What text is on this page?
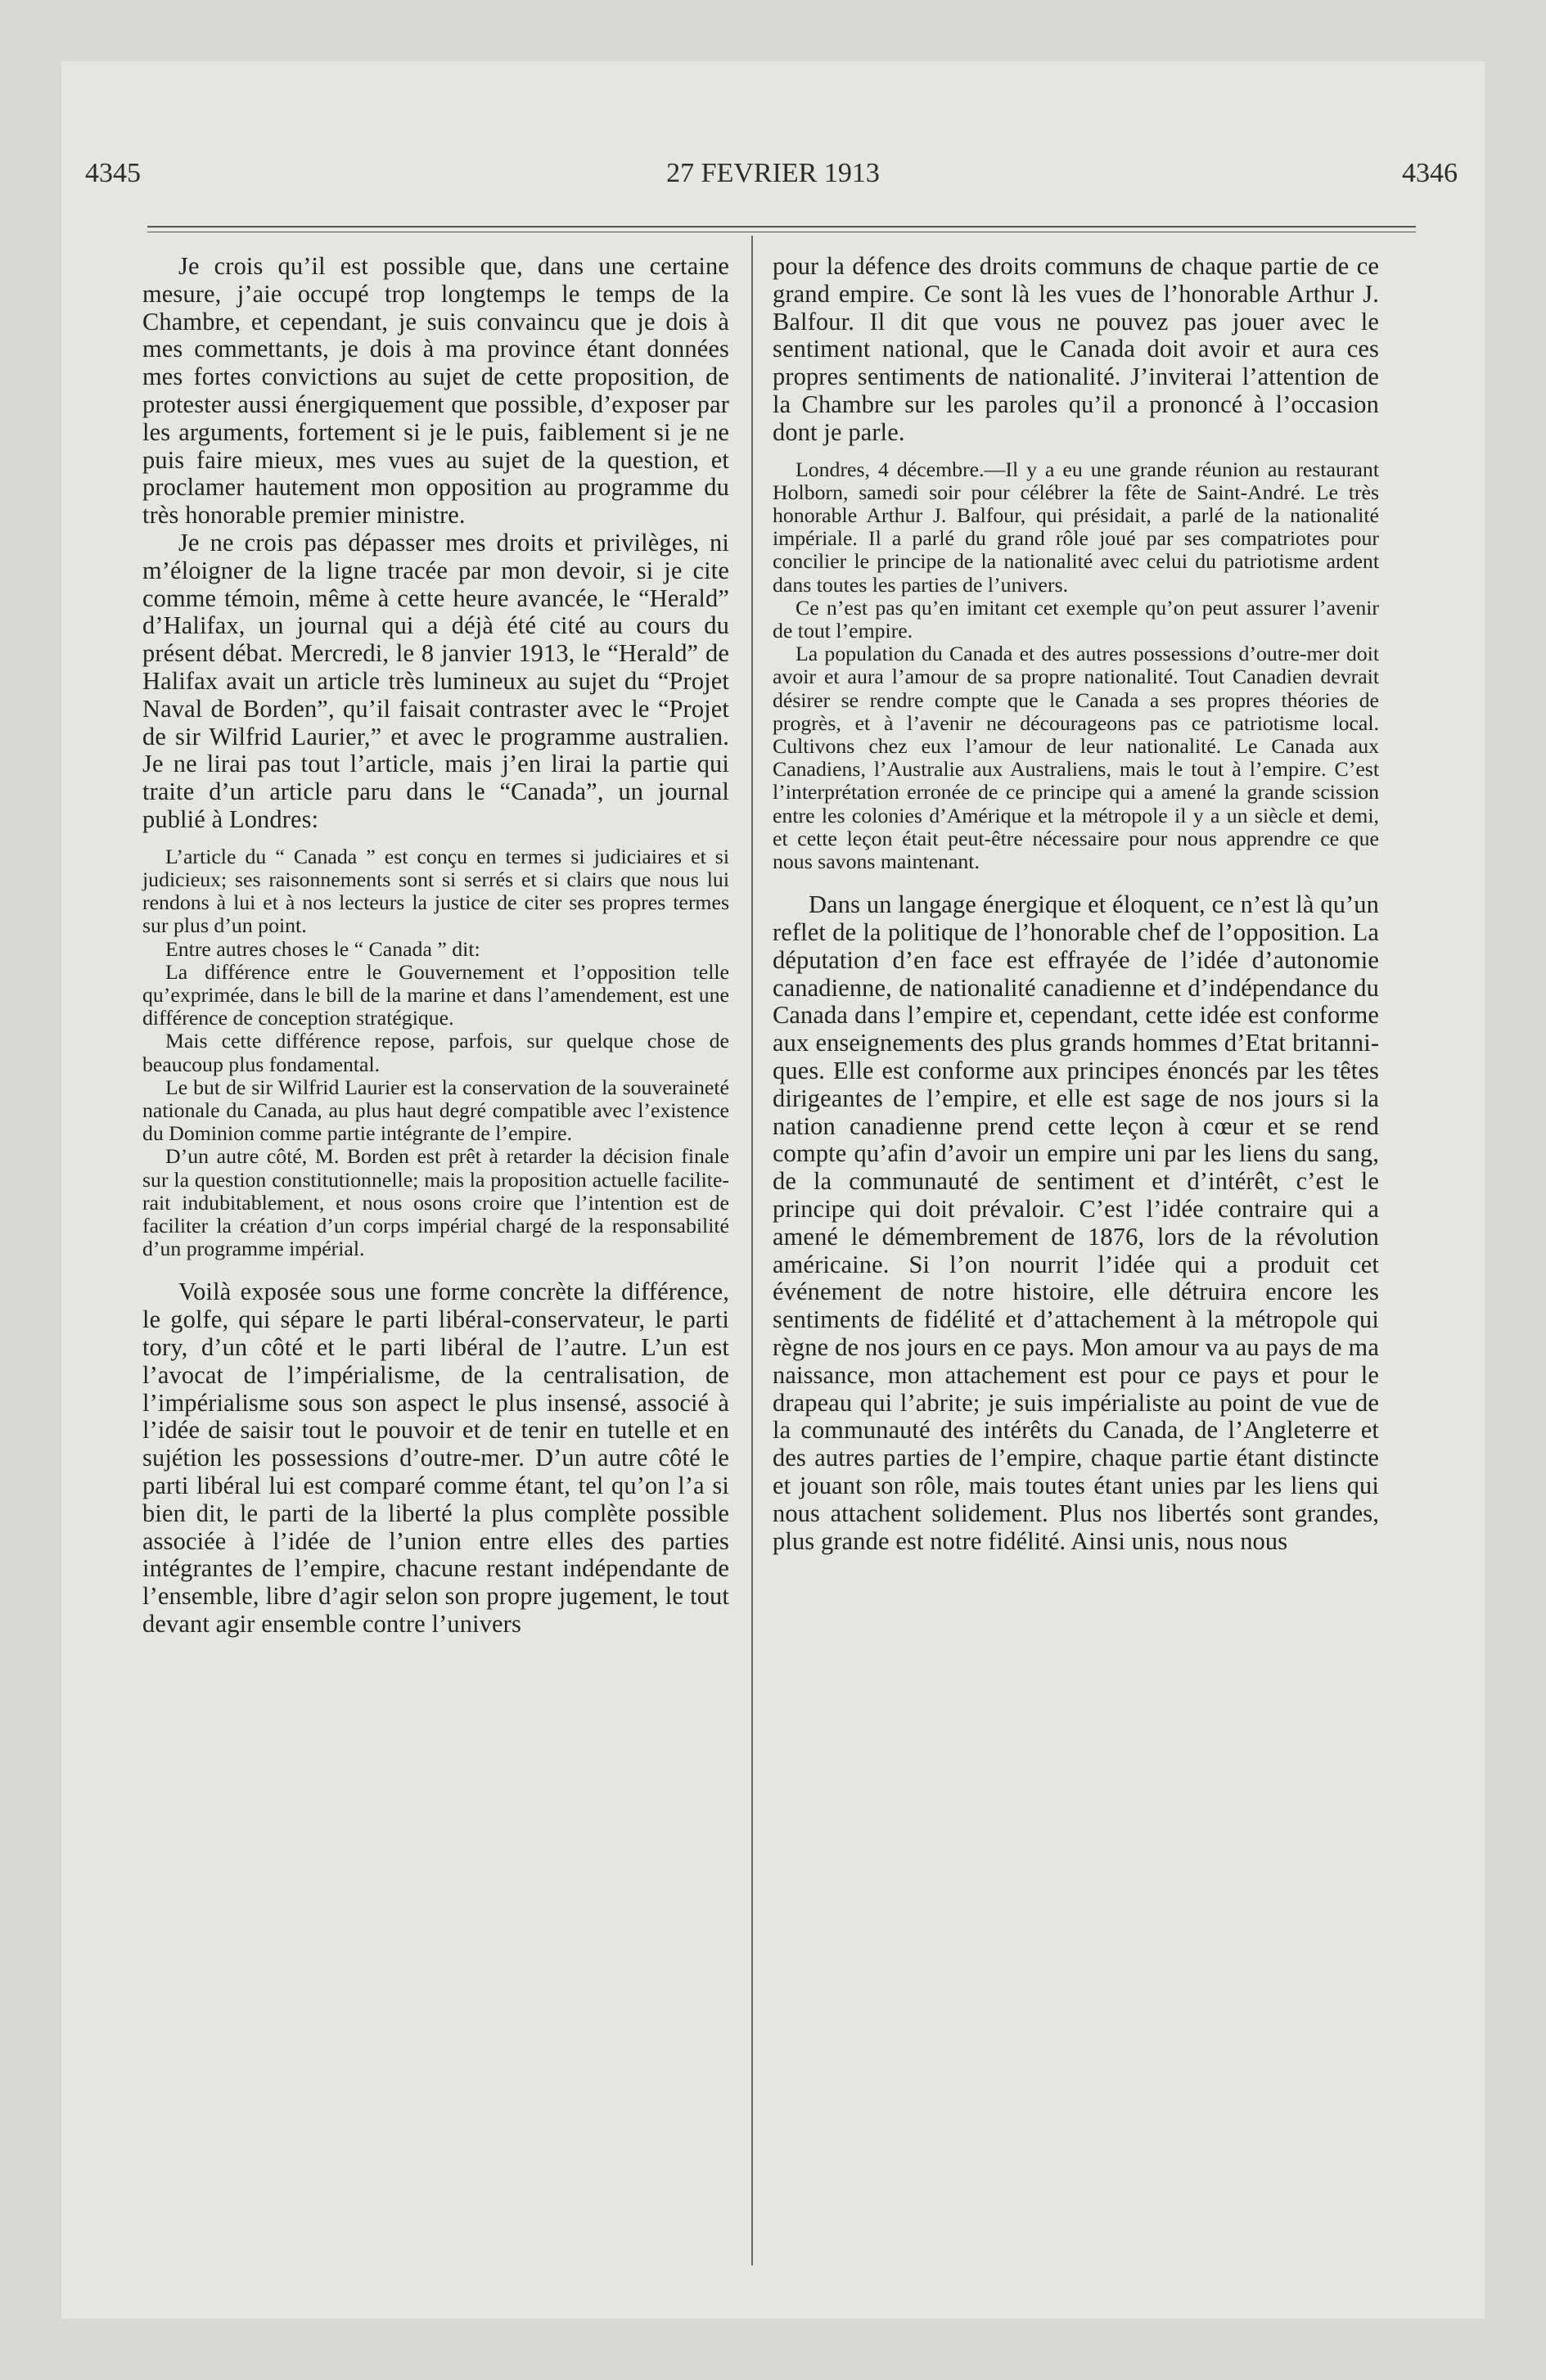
4345	27 FEVRIER 1913	4346

Je crois qu’il est possible que, dans une certaine mesure, j’aie occupé trop longtemps le temps de la Chambre, et cependant, je suis convaincu que je dois à mes commettants, je dois à ma province étant données mes fortes convictions au sujet de cette proposition, de protester aussi énergiquement que possible, d’exposer par les arguments, fortement si je le puis, faiblement si je ne puis faire mieux, mes vues au sujet de la question, et proclamer hautement mon opposition au programme du très honorable premier ministre.

Je ne crois pas dépasser mes droits et privilèges, ni m’éloigner de la ligne tracée par mon devoir, si je cite comme témoin, même à cette heure avancée, le “Herald” d’Halifax, un journal qui a déjà été cité au cours du présent débat. Mercredi, le 8 janvier 1913, le “Herald” de Halifax avait un article très lumineux au sujet du “Projet Naval de Borden”, qu’il faisait contraster avec le “Projet de sir Wilfrid Laurier,” et avec le programme australien. Je ne lirai pas tout l’article, mais j’en lirai la partie qui traite d’un article paru dans le “Canada”, un journal publié à Londres:

L’article du “ Canada ” est conçu en termes si judiciaires et si judicieux; ses raisonnements sont si serrés et si clairs que nous lui rendons à lui et à nos lecteurs la justice de citer ses propres termes sur plus d’un point.

Entre autres choses le “ Canada ” dit:

La différence entre le Gouvernement et l’opposition telle qu’exprimée, dans le bill de la marine et dans l’amendement, est une différence de conception stratégique.

Mais cette différence repose, parfois, sur quelque chose de beaucoup plus fondamental.

Le but de sir Wilfrid Laurier est la conservation de la souveraineté nationale du Canada, au plus haut degré compatible avec l’existence du Dominion comme partie intégrante de l’empire.

D’un autre côté, M. Borden est prêt à retarder la décision finale sur la question constitutionnelle; mais la proposition actuelle faciliterait indubitablement, et nous osons croire que l’intention est de faciliter la création d’un corps impérial chargé de la responsabilité d’un programme impérial.

Voilà exposée sous une forme concrète la différence, le golfe, qui sépare le parti libéral-conservateur, le parti tory, d’un côté et le parti libéral de l’autre. L’un est l’avocat de l’impérialisme, de la centralisation, de l’impérialisme sous son aspect le plus insensé, associé à l’idée de saisir tout le pouvoir et de tenir en tutelle et en sujétion les possessions d’outre-mer. D’un autre côté le parti libéral lui est comparé comme étant, tel qu’on l’a si bien dit, le parti de la liberté la plus complète possible associée à l’idée de l’union entre elles des parties intégrantes de l’empire, chacune restant indépendante de l’ensemble, libre d’agir selon son propre jugement, le tout devant agir ensemble contre l’univers

pour la défence des droits communs de chaque partie de ce grand empire. Ce sont là les vues de l’honorable Arthur J. Balfour. Il dit que vous ne pouvez pas jouer avec le sentiment national, que le Canada doit avoir et aura ces propres sentiments de nationalité. J’inviterai l’attention de la Chambre sur les paroles qu’il a prononcé à l’occasion dont je parle.

Londres, 4 décembre.—Il y a eu une grande réunion au restaurant Holborn, samedi soir pour célébrer la fête de Saint-André. Le très honorable Arthur J. Balfour, qui présidait, a parlé de la nationalité impériale. Il a parlé du grand rôle joué par ses compatriotes pour concilier le principe de la nationalité avec celui du patriotisme ardent dans toutes les parties de l’univers.

Ce n’est pas qu’en imitant cet exemple qu’on peut assurer l’avenir de tout l’empire.

La population du Canada et des autres possessions d’outre-mer doit avoir et aura l’amour de sa propre nationalité. Tout Canadien devrait désirer se rendre compte que le Canada a ses propres théories de progrès, et à l’avenir ne décourageons pas ce patriotisme local. Cultivons chez eux l’amour de leur nationalité. Le Canada aux Canadiens, l’Australie aux Australiens, mais le tout à l’empire. C’est l’interprétation erronée de ce principe qui a amené la grande scission entre les colonies d’Amérique et la métropole il y a un siècle et demi, et cette leçon était peut-être nécessaire pour nous apprendre ce que nous savons maintenant.

Dans un langage énergique et éloquent, ce n’est là qu’un reflet de la politique de l’honorable chef de l’opposition. La députation d’en face est effrayée de l’idée d’autonomie canadienne, de nationalité canadienne et d’indépendance du Canada dans l’empire et, cependant, cette idée est conforme aux enseignements des plus grands hommes d’Etat britanniques. Elle est conforme aux principes énoncés par les têtes dirigeantes de l’empire, et elle est sage de nos jours si la nation canadienne prend cette leçon à cœur et se rend compte qu’afin d’avoir un empire uni par les liens du sang, de la communauté de sentiment et d’intérêt, c’est le principe qui doit prévaloir. C’est l’idée contraire qui a amené le démembrement de 1876, lors de la révolution américaine. Si l’on nourrit l’idée qui a produit cet événement de notre histoire, elle détruira encore les sentiments de fidélité et d’attachement à la métropole qui règne de nos jours en ce pays. Mon amour va au pays de ma naissance, mon attachement est pour ce pays et pour le drapeau qui l’abrite; je suis impérialiste au point de vue de la communauté des intérêts du Canada, de l’Angleterre et des autres parties de l’empire, chaque partie étant distincte et jouant son rôle, mais toutes étant unies par les liens qui nous attachent solidement. Plus nos libertés sont grandes, plus grande est notre fidélité. Ainsi unis, nous nous
